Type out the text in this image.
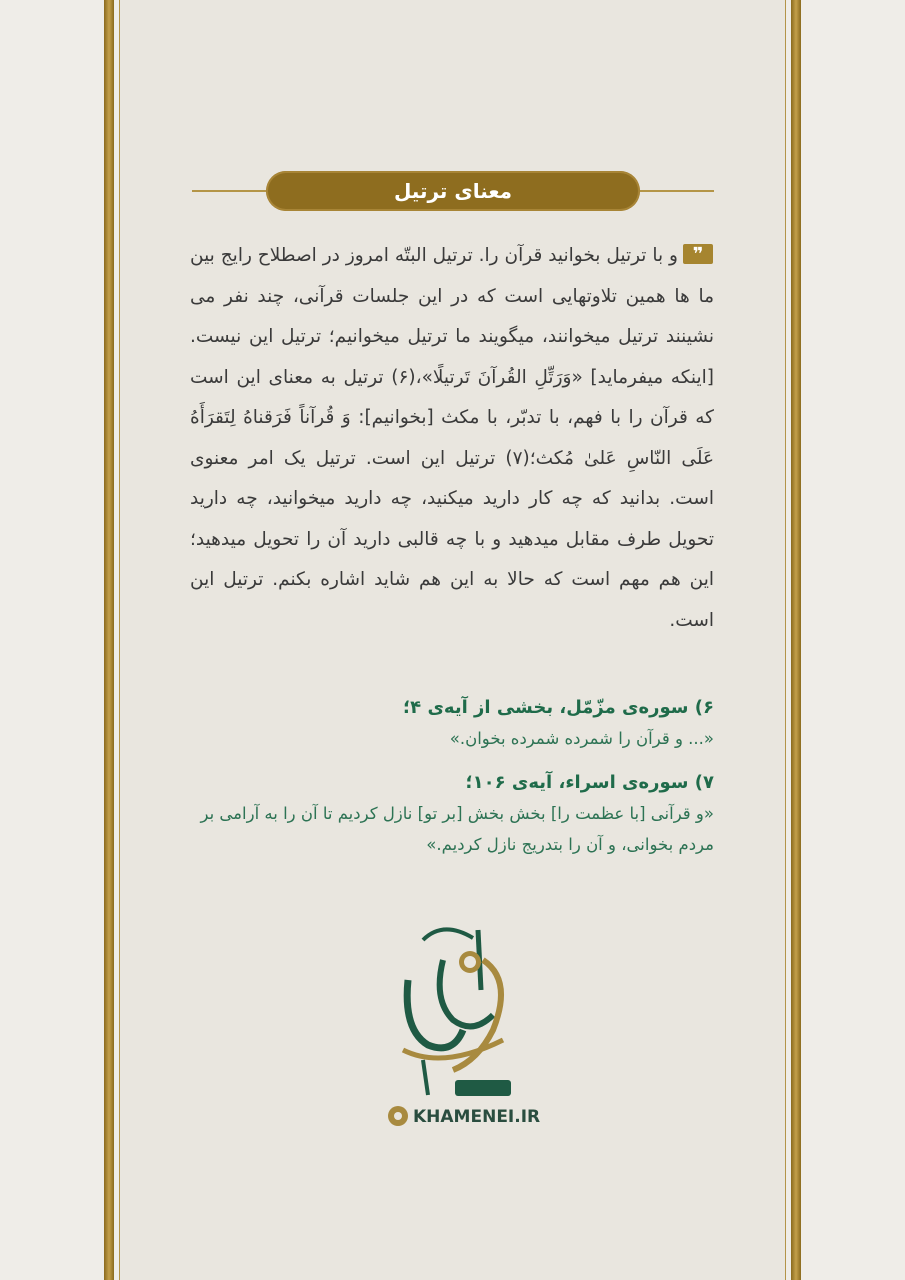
معنای ترتیل
❞
و با ترتیل بخوانید قرآن را. ترتیل البتّه امروز در اصطلاح رایج بین ما ها همین تلاوتهایی است که در این جلسات قرآنی، چند نفر می نشینند ترتیل میخوانند، میگویند ما ترتیل میخوانیم؛ ترتیل این نیست. [اینکه میفرماید] «وَرَتِّلِ القُرآنَ تَرتیلًا»،(۶) ترتیل به معنای این است که قرآن را با فهم، با تدبّر، با مکث [بخوانیم]: وَ قُرآناً فَرَقناهُ لِتَقرَأَهُ عَلَی النّاسِ عَلیٰ مُکث؛(۷) ترتیل این است. ترتیل یک امر معنوی است. بدانید که چه کار دارید میکنید، چه دارید میخوانید، چه دارید تحویل طرف مقابل میدهید و با چه قالبی دارید آن را تحویل میدهید؛ این هم مهم است که حالا به این هم شاید اشاره بکنم. ترتیل این است.
۶) سوره‌ی مزّمّل، بخشی از آیه‌ی ۴؛
«... و قرآن را شمرده شمرده بخوان.»
۷) سوره‌ی اسراء، آیه‌ی ۱۰۶؛
«و قرآنی [با عظمت را] بخش بخش [بر تو] نازل کردیم تا آن را به آرامی بر مردم بخوانی، و آن را بتدریج نازل کردیم.»
KHAMENEI.IR
